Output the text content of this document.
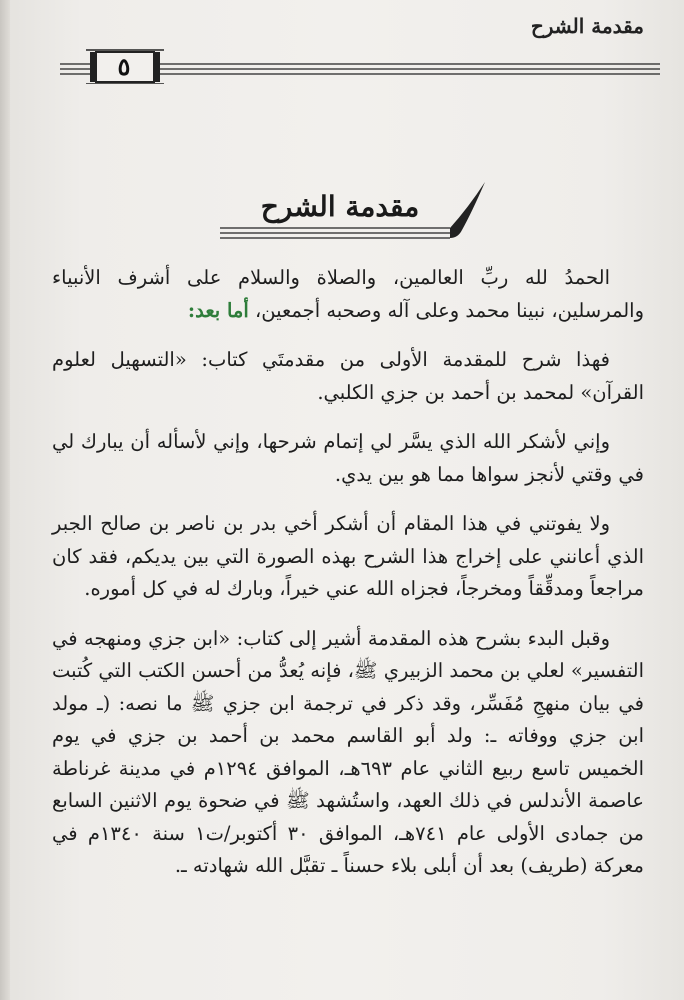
مقدمة الشرح
٥
مقدمة الشرح

الحمدُ لله ربِّ العالمين، والصلاة والسلام على أشرف الأنبياء والمرسلين، نبينا محمد وعلى آله وصحبه أجمعين، أما بعد:

فهذا شرح للمقدمة الأولى من مقدمتَي كتاب: «التسهيل لعلوم القرآن» لمحمد بن أحمد بن جزي الكلبي.

وإني لأشكر الله الذي يسَّر لي إتمام شرحها، وإني لأسأله أن يبارك لي في وقتي لأنجز سواها مما هو بين يدي.

ولا يفوتني في هذا المقام أن أشكر أخي بدر بن ناصر بن صالح الجبر الذي أعانني على إخراج هذا الشرح بهذه الصورة التي بين يديكم، فقد كان مراجعاً ومدقِّقاً ومخرجاً، فجزاه الله عني خيراً، وبارك له في كل أموره.

وقبل البدء بشرح هذه المقدمة أشير إلى كتاب: «ابن جزي ومنهجه في التفسير» لعلي بن محمد الزبيري ﷺ، فإنه يُعدُّ من أحسن الكتب التي كُتبت في بيان منهجِ مُفَسِّر، وقد ذكر في ترجمة ابن جزي ﷺ ما نصه: (ـ مولد ابن جزي ووفاته ـ: ولد أبو القاسم محمد بن أحمد بن جزي في يوم الخميس تاسع ربيع الثاني عام ٦٩٣هـ، الموافق ١٢٩٤م في مدينة غرناطة عاصمة الأندلس في ذلك العهد، واستُشهد ﷺ في ضحوة يوم الاثنين السابع من جمادى الأولى عام ٧٤١هـ، الموافق ٣٠ أكتوبر/ت١ سنة ١٣٤٠م في معركة (طريف) بعد أن أبلى بلاء حسناً ـ تقبَّل الله شهادته ـ.
